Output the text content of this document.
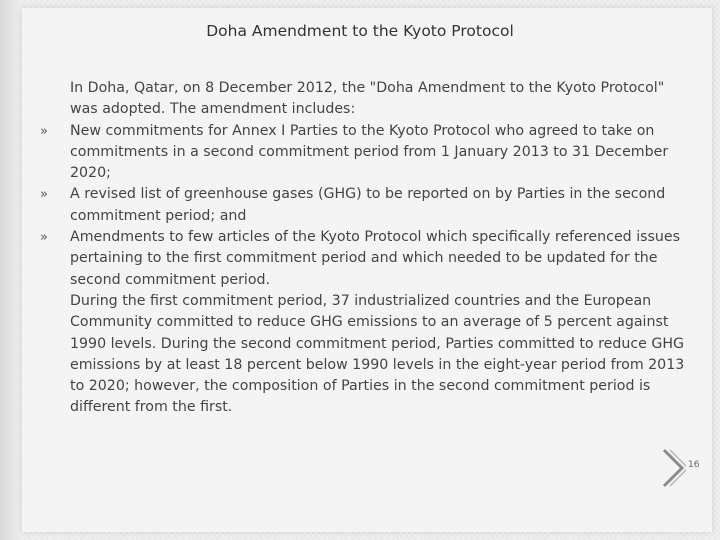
Doha Amendment to the Kyoto Protocol

In Doha, Qatar, on 8 December 2012, the "Doha Amendment to the Kyoto Protocol" was adopted. The amendment includes:

»	New commitments for Annex I Parties to the Kyoto Protocol who agreed to take on commitments in a second commitment period from 1 January 2013 to 31 December 2020;
»	A revised list of greenhouse gases (GHG) to be reported on by Parties in the second commitment period; and
»	Amendments to few articles of the Kyoto Protocol which specifically referenced issues pertaining to the first commitment period and which needed to be updated for the second commitment period.

During the first commitment period, 37 industrialized countries and the European Community committed to reduce GHG emissions to an average of 5 percent against 1990 levels. During the second commitment period, Parties committed to reduce GHG emissions by at least 18 percent below 1990 levels in the eight-year period from 2013 to 2020; however, the composition of Parties in the second commitment period is different from the first.

16
